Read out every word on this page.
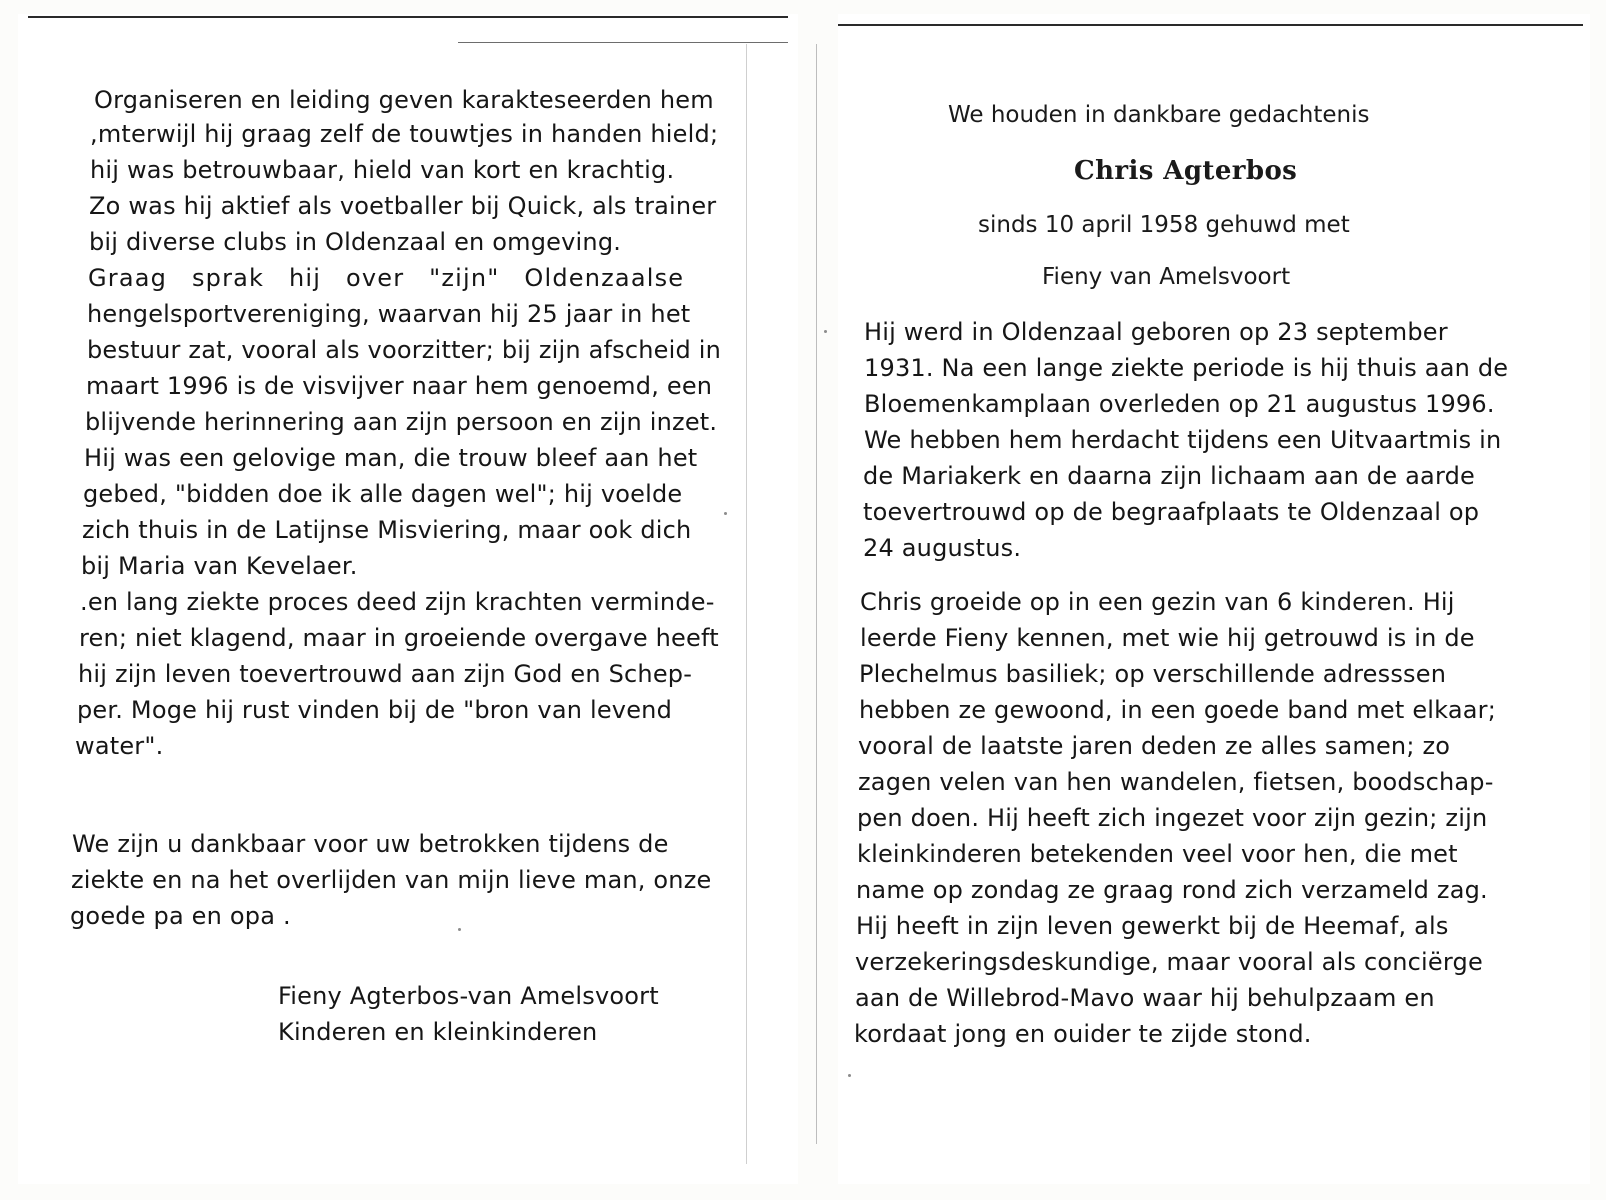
Organiseren en leiding geven karakteseerden hem
,mterwijl hij graag zelf de touwtjes in handen hield;
hij was betrouwbaar, hield van kort en krachtig.
Zo was hij aktief als voetballer bij Quick, als trainer
bij diverse clubs in Oldenzaal en omgeving.
Graag sprak hij over "zijn" Oldenzaalse
hengelsportvereniging, waarvan hij 25 jaar in het
bestuur zat, vooral als voorzitter; bij zijn afscheid in
maart 1996 is de visvijver naar hem genoemd, een
blijvende herinnering aan zijn persoon en zijn inzet.
Hij was een gelovige man, die trouw bleef aan het
gebed, "bidden doe ik alle dagen wel"; hij voelde
zich thuis in de Latijnse Misviering, maar ook dich
bij Maria van Kevelaer.
.en lang ziekte proces deed zijn krachten verminde-
ren; niet klagend, maar in groeiende overgave heeft
hij zijn leven toevertrouwd aan zijn God en Schep-
per. Moge hij rust vinden bij de "bron van levend
water".
We zijn u dankbaar voor uw betrokken tijdens de
ziekte en na het overlijden van mijn lieve man, onze
goede pa en opa .
Fieny Agterbos-van Amelsvoort
Kinderen en kleinkinderen
We houden in dankbare gedachtenis
Chris Agterbos
sinds 10 april 1958 gehuwd met
Fieny van Amelsvoort
Hij werd in Oldenzaal geboren op 23 september
1931. Na een lange ziekte periode is hij thuis aan de
Bloemenkamplaan overleden op 21 augustus 1996.
We hebben hem herdacht tijdens een Uitvaartmis in
de Mariakerk en daarna zijn lichaam aan de aarde
toevertrouwd op de begraafplaats te Oldenzaal op
24 augustus.
Chris groeide op in een gezin van 6 kinderen. Hij
leerde Fieny kennen, met wie hij getrouwd is in de
Plechelmus basiliek; op verschillende adresssen
hebben ze gewoond, in een goede band met elkaar;
vooral de laatste jaren deden ze alles samen; zo
zagen velen van hen wandelen, fietsen, boodschap-
pen doen. Hij heeft zich ingezet voor zijn gezin; zijn
kleinkinderen betekenden veel voor hen, die met
name op zondag ze graag rond zich verzameld zag.
Hij heeft in zijn leven gewerkt bij de Heemaf, als
verzekeringsdeskundige, maar vooral als conciërge
aan de Willebrod-Mavo waar hij behulpzaam en
kordaat jong en ouider te zijde stond.
